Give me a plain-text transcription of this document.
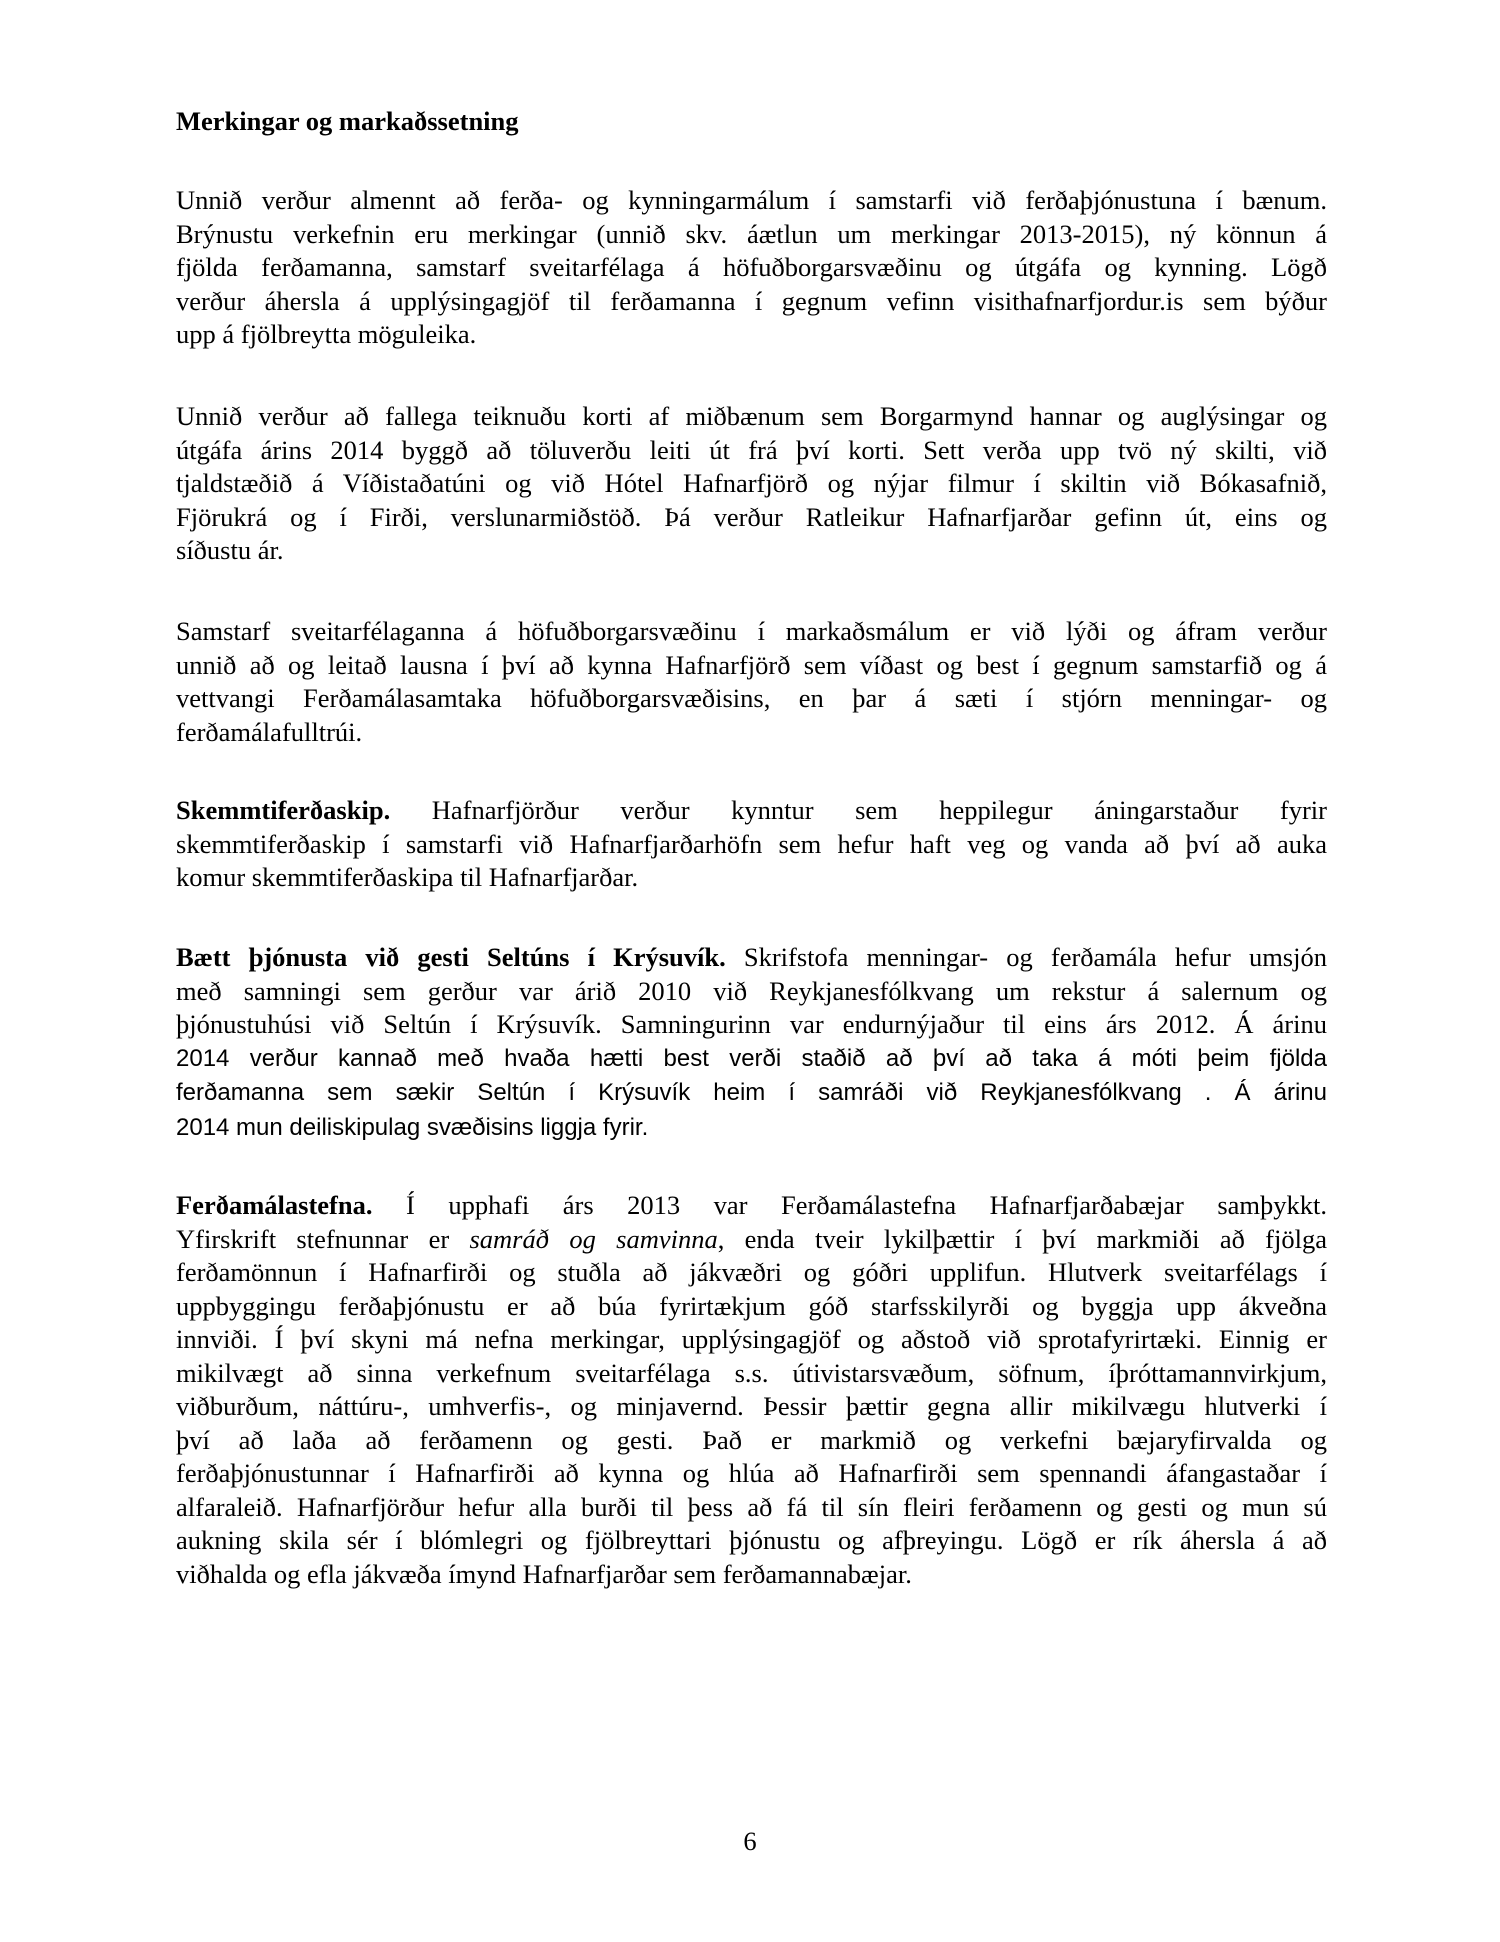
Merkingar og markaðssetning
Unnið verður almennt að ferða- og kynningarmálum í samstarfi við ferðaþjónustuna í bænum.
Brýnustu verkefnin eru merkingar (unnið skv. áætlun um merkingar 2013-2015), ný könnun á
fjölda ferðamanna, samstarf sveitarfélaga á höfuðborgarsvæðinu og útgáfa og kynning. Lögð
verður áhersla á upplýsingagjöf til ferðamanna í gegnum vefinn visithafnarfjordur.is sem býður
upp á fjölbreytta möguleika.
Unnið verður að fallega teiknuðu korti af miðbænum sem Borgarmynd hannar og auglýsingar og
útgáfa árins 2014 byggð að töluverðu leiti út frá því korti. Sett verða upp tvö ný skilti, við
tjaldstæðið á Víðistaðatúni og við Hótel Hafnarfjörð og nýjar filmur í skiltin við Bókasafnið,
Fjörukrá og í Firði, verslunarmiðstöð. Þá verður Ratleikur Hafnarfjarðar gefinn út, eins og
síðustu ár.
Samstarf sveitarfélaganna á höfuðborgarsvæðinu í markaðsmálum er við lýði og áfram verður
unnið að og leitað lausna í því að kynna Hafnarfjörð sem víðast og best í gegnum samstarfið og á
vettvangi Ferðamálasamtaka höfuðborgarsvæðisins, en þar á sæti í stjórn menningar- og
ferðamálafulltrúi.
Skemmtiferðaskip. Hafnarfjörður verður kynntur sem heppilegur áningarstaður fyrir
skemmtiferðaskip í samstarfi við Hafnarfjarðarhöfn sem hefur haft veg og vanda að því að auka
komur skemmtiferðaskipa til Hafnarfjarðar.
Bætt þjónusta við gesti Seltúns í Krýsuvík. Skrifstofa menningar- og ferðamála hefur umsjón
með samningi sem gerður var árið 2010 við Reykjanesfólkvang um rekstur á salernum og
þjónustuhúsi við Seltún í Krýsuvík. Samningurinn var endurnýjaður til eins árs 2012. Á árinu
2014 verður kannað með hvaða hætti best verði staðið að því að taka á móti þeim fjölda
ferðamanna sem sækir Seltún í Krýsuvík heim í samráði við Reykjanesfólkvang . Á árinu
2014 mun deiliskipulag svæðisins liggja fyrir.
Ferðamálastefna. Í upphafi árs 2013 var Ferðamálastefna Hafnarfjarðabæjar samþykkt.
Yfirskrift stefnunnar er samráð og samvinna, enda tveir lykilþættir í því markmiði að fjölga
ferðamönnun í Hafnarfirði og stuðla að jákvæðri og góðri upplifun. Hlutverk sveitarfélags í
uppbyggingu ferðaþjónustu er að búa fyrirtækjum góð starfsskilyrði og byggja upp ákveðna
innviði. Í því skyni má nefna merkingar, upplýsingagjöf og aðstoð við sprotafyrirtæki. Einnig er
mikilvægt að sinna verkefnum sveitarfélaga s.s. útivistarsvæðum, söfnum, íþróttamannvirkjum,
viðburðum, náttúru-, umhverfis-, og minjavernd. Þessir þættir gegna allir mikilvægu hlutverki í
því að laða að ferðamenn og gesti. Það er markmið og verkefni bæjaryfirvalda og
ferðaþjónustunnar í Hafnarfirði að kynna og hlúa að Hafnarfirði sem spennandi áfangastaðar í
alfaraleið. Hafnarfjörður hefur alla burði til þess að fá til sín fleiri ferðamenn og gesti og mun sú
aukning skila sér í blómlegri og fjölbreyttari þjónustu og afþreyingu. Lögð er rík áhersla á að
viðhalda og efla jákvæða ímynd Hafnarfjarðar sem ferðamannabæjar.
6
